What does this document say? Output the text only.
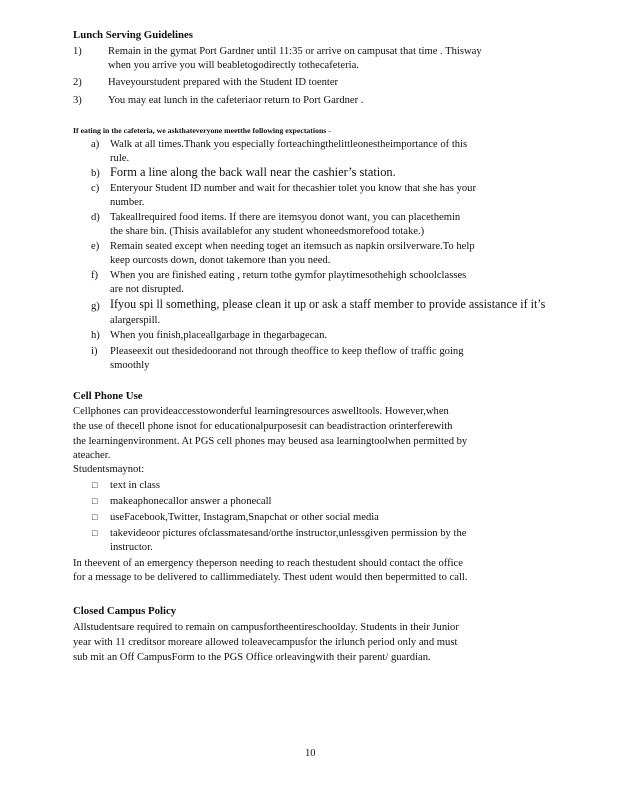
Lunch Serving Guidelines
1) Remain in the gymat Port Gardner until 11:35 or arrive on campusat that time . Thisway
when you arrive you will beabletogodirectly tothecafeteria.
2) Haveyourstudent prepared with the Student ID toenter
3) You may eat lunch in the cafeteriaor return to Port Gardner .
If eating in the cafeteria, we askthateveryone meetthe following expectations -
a) Walk at all times.Thank you especially forteachingthelittleonestheimportance of this
rule.
b) Form a line along the back wall near the cashier’s station.
c) Enteryour Student ID number and wait for thecashier tolet you know that she has your
number.
d) Takeallrequired food items. If there are itemsyou donot want, you can placethemin
the share bin. (Thisis availablefor any student whoneedsmorefood totake.)
e) Remain seated except when needing toget an itemsuch as napkin orsilverware.To help
keep ourcosts down, donot takemore than you need.
f) When you are finished eating , return tothe gymfor playtimesothehigh schoolclasses
are not disrupted.
g) Ifyou spi ll something, please clean it up or ask a staff member to provide assistance if it’s
alargerspill.
h) When you finish,placeallgarbage in thegarbagecan.
i) Pleaseexit out thesidedoorand not through theoffice to keep theflow of traffic going
smoothly
Cell Phone Use
Cellphones can provideaccesstowonderful learningresources aswelltools. However,when
the use of thecell phone isnot for educationalpurposesit can beadistraction orinterferewith
the learningenvironment. At PGS cell phones may beused asa learningtoolwhen permitted by
ateacher.
Studentsmaynot:
□ text in class
□ makeaphonecallor answer a phonecall
□ useFacebook,Twitter, Instagram,Snapchat or other social media
□ takevideoor pictures ofclassmatesand/orthe instructor,unlessgiven permission by the
instructor.
In theevent of an emergency theperson needing to reach thestudent should contact the office
for a message to be delivered to callimmediately. Thest udent would then bepermitted to call.
Closed Campus Policy
Allstudentsare required to remain on campusfortheentireschoolday. Students in their Junior
year with 11 creditsor moreare allowed toleavecampusfor the irlunch period only and must
sub mit an Off CampusForm to the PGS Office orleavingwith their parent/ guardian.
10
